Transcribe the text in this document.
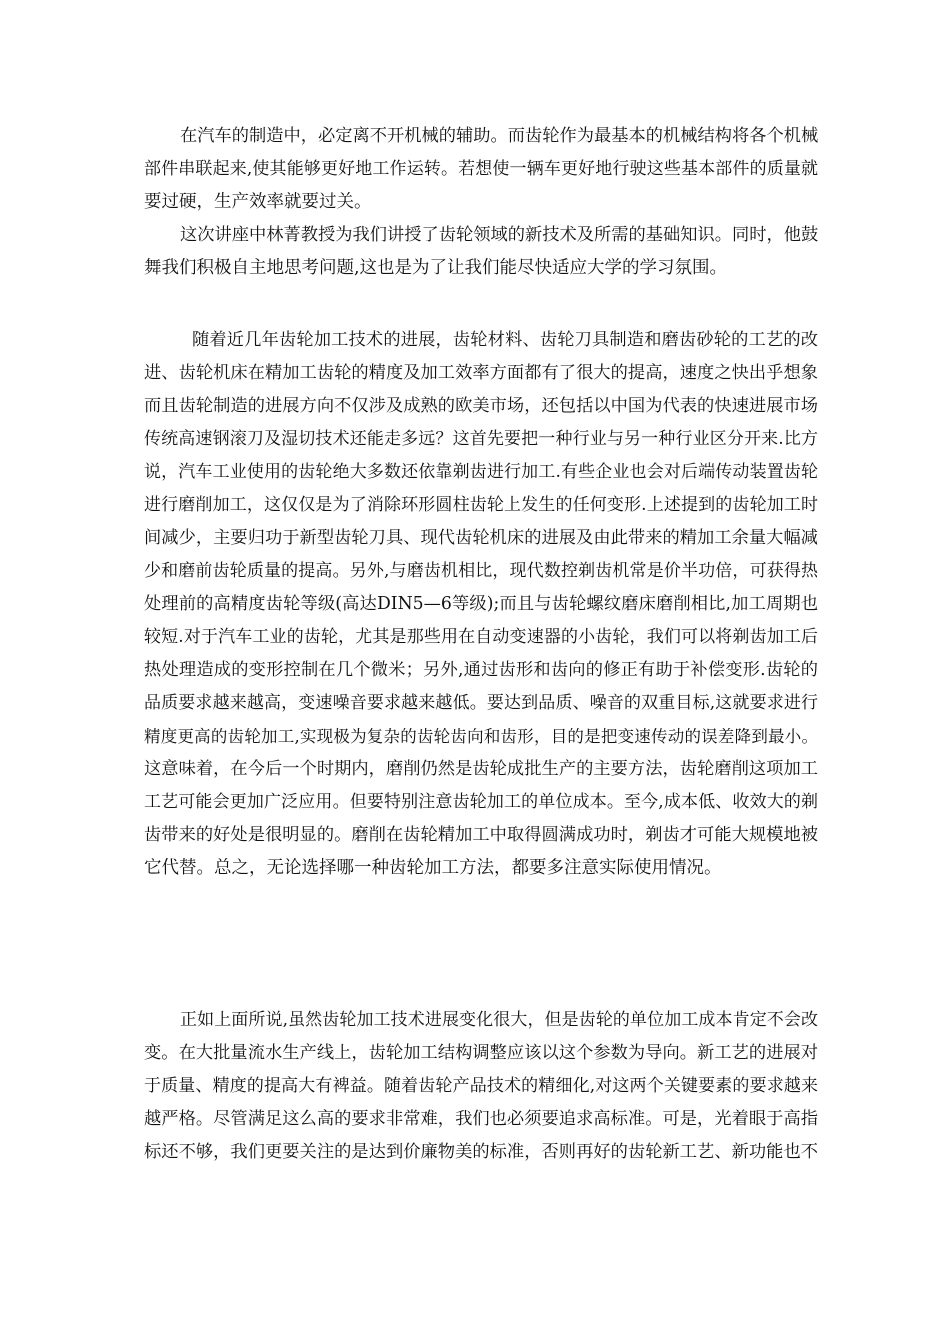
在汽车的制造中，必定离不开机械的辅助。而齿轮作为最基本的机械结构将各个机械
部件串联起来,使其能够更好地工作运转。若想使一辆车更好地行驶这些基本部件的质量就
要过硬，生产效率就要过关。
这次讲座中林菁教授为我们讲授了齿轮领域的新技术及所需的基础知识。同时，他鼓
舞我们积极自主地思考问题,这也是为了让我们能尽快适应大学的学习氛围。
随着近几年齿轮加工技术的进展，齿轮材料、齿轮刀具制造和磨齿砂轮的工艺的改
进、齿轮机床在精加工齿轮的精度及加工效率方面都有了很大的提高，速度之快出乎想象
而且齿轮制造的进展方向不仅涉及成熟的欧美市场，还包括以中国为代表的快速进展市场
传统高速钢滚刀及湿切技术还能走多远？这首先要把一种行业与另一种行业区分开来.比方
说，汽车工业使用的齿轮绝大多数还依靠剃齿进行加工.有些企业也会对后端传动装置齿轮
进行磨削加工，这仅仅是为了消除环形圆柱齿轮上发生的任何变形.上述提到的齿轮加工时
间减少，主要归功于新型齿轮刀具、现代齿轮机床的进展及由此带来的精加工余量大幅减
少和磨前齿轮质量的提高。另外,与磨齿机相比，现代数控剃齿机常是价半功倍，可获得热
处理前的高精度齿轮等级(高达DIN5—6等级);而且与齿轮螺纹磨床磨削相比,加工周期也
较短.对于汽车工业的齿轮，尤其是那些用在自动变速器的小齿轮，我们可以将剃齿加工后
热处理造成的变形控制在几个微米；另外,通过齿形和齿向的修正有助于补偿变形.齿轮的
品质要求越来越高，变速噪音要求越来越低。要达到品质、噪音的双重目标,这就要求进行
精度更高的齿轮加工,实现极为复杂的齿轮齿向和齿形，目的是把变速传动的误差降到最小。
这意味着，在今后一个时期内，磨削仍然是齿轮成批生产的主要方法，齿轮磨削这项加工
工艺可能会更加广泛应用。但要特别注意齿轮加工的单位成本。至今,成本低、收效大的剃
齿带来的好处是很明显的。磨削在齿轮精加工中取得圆满成功时，剃齿才可能大规模地被
它代替。总之，无论选择哪一种齿轮加工方法，都要多注意实际使用情况。
正如上面所说,虽然齿轮加工技术进展变化很大，但是齿轮的单位加工成本肯定不会改
变。在大批量流水生产线上，齿轮加工结构调整应该以这个参数为导向。新工艺的进展对
于质量、精度的提高大有裨益。随着齿轮产品技术的精细化,对这两个关键要素的要求越来
越严格。尽管满足这么高的要求非常难，我们也必须要追求高标准。可是，光着眼于高指
标还不够，我们更要关注的是达到价廉物美的标准，否则再好的齿轮新工艺、新功能也不
